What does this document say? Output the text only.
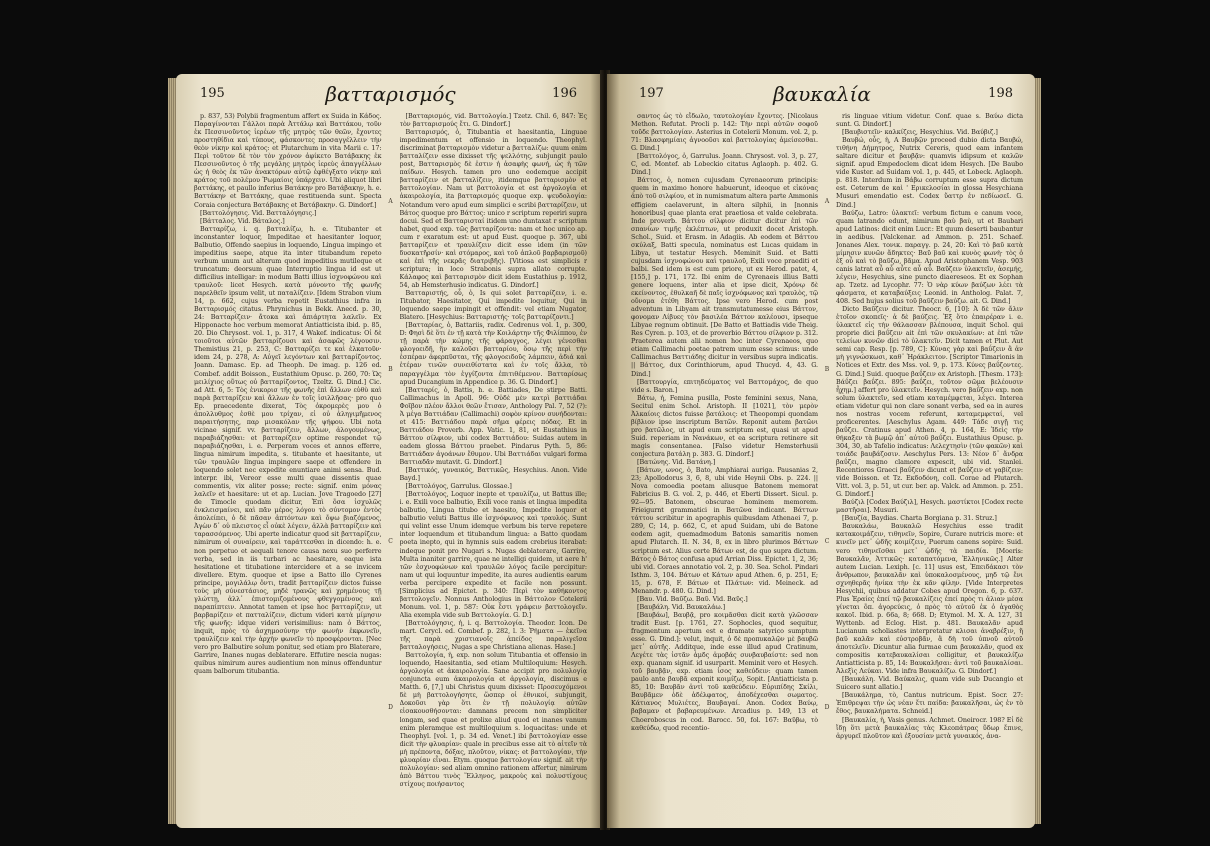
195	βατταρισμός	196

p. 837, 53) Polybii fragmentum affert ex Suida in Κάδος. Παραγίνονται Γάλλοι παρὰ Ἀττάλῳ καὶ Βαττάκου, τοῦν ἐκ Πεσσινοῦντος ἱερέων τῆς μητρὸς τῶν θεῶν, ἔχοντες προστηθίδια καὶ τύπους, φάσκοντες προσαγγέλλειν τὴν θεὸν νίκην καὶ κράτος: et Plutarchum in vita Marii c. 17: Περὶ τοῦτον δὲ τὸν τὸν χρόνον ἀφίκετο Βατάβακης ἐκ Πεσσινοῦντος ὁ τῆς μεγάλης μητρὸς ἱερεὺς ἀπαγγέλλων ὡς ἡ θεὸς ἐκ τῶν ἀνακτόρων αὐτῷ ἐφθέγξατο νίκην καὶ κράτος τοῦ πολέμου Ῥωμαίοις ὑπάρχειν. Ubi aliquot libri βαττάκης, et paullo inferius Βατάκην pro Βατάβακην, h. e. Βαττάκην et Βαττάκης, quae restituenda sunt. Specta Coraia conjectura Βατάβακης et Βατάβακην. G. Dindorf.]

[Βαττολόγησις. Vid. Βατταλόγησις.]

[Βάτταλος. Vid. Βάταλος.]

Βατταρίζω, i. q. βατταλίζω, h. e. Titubanter et inconstanter loquor, Impeditae et haesitanter loquor, Balbutio, Offendo saepius in loquendo, Lingua impingo et impeditius saepe, atque ita inter titubandum repeto verbum unum aut alterum quod impeditius mutileque et truncatum: deorsum quae Interruptio lingua id est ut difficilius intelligar: in modum Batti illius ἰσχνοφώνου καὶ τραυλοῦ: licet Hesych. κατὰ μόνοντο τῆς φωνῆς παρελθεῖν ipsum velit, ut παταλίζειν. [Idem Strabon vium 14, p. 662, cujus verba repetit Eustathius infra in Βατταρισμός citatus. Phrynichus in Bekk. Anecd. p. 30, 24: Βατταρίζειν· ἄτοκα καὶ ἀπιάρτητα λαλεῖν. Ex Hipponacte hoc verbum memorat Antiatticista ibid. p. 85, 20. Dio Chrysost. vol. 1, p. 317, 4 Wakef. indicatus: Οἱ δὲ τοιοῦτοι αὐτῶν βατταρίζουσι καὶ ἀσαφῶς λέγουσιν. Themistius 21, p. 253, C: Βατταρίζει τε καὶ ἐλκατοῦν· idem 24, p. 278, A: Αὐγεῖ λεγόντων καὶ βατταρίζοντος. Joann. Damasc. Ep. ad Theoph. De imag. p. 126 ed. Combef. addit Boisson., Eustathium Opusc. p. 260, 70: Ὡς μειλίχιος οὕτως οὐ βατταρίζοντος, Tzeltz. G. Dind.] Cic. ad Att. 6, 5: Τὸς ἐνικορισ τῆς φωνῆς ἐπὶ ἄλλων εὐθὺ καὶ παρὰ βατταρίζειν καὶ ἄλλων ἐν τοῖς ἰσιλλῆσας· pro quo Ep. praecedente dixerat, Τὸς ὀκρομερὲς μου ὁ ἀπολλυθμος ἐσθὲ μου τρίχαν, εἰ οὐ ἀληγιμῆμενος παραιτήσητης, παρ μισακόλαν τῆς ψήφου. Ubi nota vicinae signif. vv. βατταρίζειν, ἄλλων, ἀλογουμένως, παραβιάζησθαι: et βατταρίζειν optime respondet τῷ παραβιάζησθαι, i. e. Perperam voces et annos efferre, lingua nimirum impedita, s. titubante et haesitante, ut τῶν τραυλῶν lingua impingere saepe et offendere in loquendo solet nec expedite enuntiare animi sensa. Bud. interpr. ibi, Vereor esse multi quae dissentis quae commentis, vix aliter posse; recte: signif. enim μόνας λαλεῖν et haesitare: ut et ap. Lucian. Jove Tragoedo [27] de Timocle quodam dicitur, Ἐπὶ ὅσα ἰσχυλῶς ἐνκλεισμαίνει, καὶ πᾶν μέρος λόγου τὸ σύντομον ἐντὸς ἀπολείπει, ὁ δὲ πᾶσαν ἀπτόντων καὶ ὄψω βιαζόμενος, Ἀγὼν δ᾽ οὐ πλειστος εἶ οὐκὲ λέγειν, ἀλλὰ βατταρίζειν καὶ ταρασσόμενος. Ubi aperte indicatur quod sit βατταρίζειν, nimirum οἱ συναίρειν, καὶ ταράττεσθαι in dicendo: h. e. non perpetuo et aequali tenore causa nexu suo perferre verba, sed in iis turbari ac haesitare, eaque ista hesitatione et titubatione intercidere et a se invicem divellere. Etym. quoque et ipse a Batto illo Cyrenes principe, μογιλάλῳ ὄντι, tradit βατταρίζειν dictos fuisse τοὺς μὴ σύνεστάσιος, μηδὲ τρανῶς καὶ χρημένους τῇ γλώττῃ, ἀλλ᾽ ἐπιστομιζομένους φθεγγομένους καὶ παραπίπτειν. Annotat tamen et ipse hoc βατταρίζειν, ut βαρβαρίζειν et πατταλίζειν, dictum videri κατὰ μίμησιν τῆς φωνῆς: idque videri verisimilius: nam ὁ Βάττος, inquit, πρὸς τὸ ἀσχημοσύνην τὴν φωνὴν ἐκφωνεῖν, τραυλίζειν καὶ τὴν ἀρχὴν φωνεῖν τὸ προσφέρονται. [Nec vero pro Balbutire solum ponitur, sed etiam pro Blaterare, Garrire, Inanes nugas deblaterare. Effutire nescia nugas: quibus nimirum aures audientium non minus offenduntur quam balborum titubantia.

[Βατταρισμός, vid. Βαττολογία.] Tzetz. Chil. 6, 847: Ἐς τὸν βατταρισμούς ἔτι. G. Dindorf.]

Βατταρισμός, ὁ, Titubantia et haesitantia, Linguae impedimentum et offensio in loquendo. Theophyl. discriminat βατταρισμὸν videtur a βατταλίζω: quum enim βατταλίζειν esse dixisset τῆς ψελλότης, subjungit paulo post, Βατταρισμὸς δὲ ἐστιν ἡ ἀσαφὴς φωνή, ὡς ἡ τῶν παίδων. Hesych. tamen pro uno eodemque accipit βατταρίζειν et βατταλίζειν, itidemque βατταρισμὸν et βαττολογίαν. Nam ut βαττολογία et est ἀργολογία et ἀκαιρολογία, ita βατταρισμός quoque exp. ψευδολογία: Notandum vero apud eum simplici e scribi βατταρίζειν, ut Βάτος quoque pro Βάττος: unico r scriptum reperiri supra docui. Sed et Βατταρισταί itidem uno duntaxat r scriptum habet, quod exp. τῶς βατταρίζοντα: nam et hoc unico ap. cum r exaratum est: ut apud Eust. quoque p. 367, ubi βατταρίζειν et τραυλίζειν dicit esse idem (in τῶν δυσκατῆρσίν· καὶ στόμαρος, καὶ τοῦ ἁπλοῦ βαρβαρισμοῦ) καὶ ἐπὶ τῆς νεκρᾶς διατριβῆς). [Vitiosa est simplicis r scriptura; in loco Strabonis supra allato corrupte. Κάλαφος καὶ βατταρισμὸν dicit idem Eustathius p. 1912, 54, ab Hemsterhusio indicatus. G. Dindorf.]

Βατταριστής, οὗ, ὁ, Is qui solet βατταρίζειν, i. e. Titubator, Haesitator, Qui impedite loquitur, Qui in loquendo saepe impingit et offendit: vel etiam Nugator, Blatero. [Hesychius: Βατταριστής· τοῖς βατταρίζοντι.]

[Βατταρίας, ὁ, Battariis, radix. Cedrenus vol. 1, p. 300, D: Φησὶ δὲ ὅτι ἐν τῇ κατὰ τὴν Κοιλάρτην τῆς Φιλίππου, ἐν τῇ παρὰ τὴν κώμης τῆς φάραγγος, λέγει γένεσθαι φλογοειδῆ, ἣν καλοῦσι βατταρίου, ὅσῳ τῆς περὶ τὴν ἑσπέραν ἀφερπῦσται, τῆς φλογοειδοῦς λάμπειν, ἀδιά καὶ ἑτέραν τινῶν συνειθίστατα καὶ ἐν τοῖς ἄλλα, τὸ παραγγέλμα τὸν ἐγγίζοντα ἐπιτιθέμενον. Βατταρίσως apud Ducangium in Appendice p. 36. G. Dindorf.]

[Βατταρίς, ὁ, Battis, h. e. Battiades, De stirpe Batti. Callimachus in Apoll. 96: Οὐδὲ μὲν κατρὶ βαττιάδαι Φοῖβον πλέον ἄλλοι θεῶν ἔτισαν, Anthology Pal. 7, 52 (?): Ἀ μέγα Βαττιάδαν (Callimachi) σοφὸν κρίνον συνήδονται: et 415: Βαττιάδου παρὰ σῆμα φέρεις πόδας. Et in Βαττιάδου Proverb. App. Vatic. 1, 81, et Eustathius in Βάττου σίλφιον, ubi codex Βαττιάδου: Suidas autem in eadem glossa Βάττου praebet. Pindarus Pyth. 5, 86: Βαττιάδαν ἀγοάνων ἔθυμον. Ubi Βαττιάδαι vulgari forma Βαττιαδᾶν mutavit. G. Dindorf.]

[Βαττικός, γυναικός, Βαττικῶς, Hesychius. Anon. Vide Bayd.]

[Βαττολόγος, Garrulus. Glossae.]

[Βαττολόγος, Loquor inepte et τραυλίζω, ut Battus ille; i. e. Exili voce balbutio, Exili voce ranis et lingua impedita balbutio, Lingua titubo et haesito, Impedite loquor et balbutio veluti Battus ille ἰσχνόφωνος καὶ τραυλός. Sunt qui velint esse Unum idemque verbum bis terve repetere inter loquendum et titubandum lingua: a Batto quodam poeta inepto, qui in hymnis suis eadem crebrius iterabat: indeque ponit pro Nugari s. Nugas deblaterare, Garrire, Multa inaniter garrire, quae ne intelligi quidem, ut aere h' τῶν ἐσχνοφώνων καὶ τραυλῶν λόγος facile percipitur: nam ut qui loquuntur impedite, ita aures audientis earum verba percipere expedite et facile non possunt. [Simplicius ad Epictet. p. 340: Περὶ τὸν καθήκοντος βαττολογεῖν. Nonnus Anthologius in Βάττολον Cotelerii Monum. vol. 1, p. 587: Οὐκ ἔστι γράφειν βαττολογεῖν. Alia exempla vide sub Βαττολογία. G. D.]

[Βαττολόγησις, ἡ, i. q. Βαττολογία. Theodor. Icon. De mart. Cerycl. ed. Combef. p. 282, l. 3: Ῥήματα — ἐκεῖνα τῆς παρὰ χριστιανοῖς ἀπείδος παραλιγεῖσα βατταλογήσεις, Nugas a spe Christiana alienas. Hase.]

Βαττολογία, ἡ, exp. non solum Titubantia et offensio in loquendo, Haesitantia, sed etiam Multiloquium: Hesych. ἀργολογία et ἀκαιρολογία. Sane accipit pro πολυλογίᾳ conjuncta eum ἀκαιρολογία et ἀργολογία, discimus e Matth. 6, [7,] ubi Christus quum dixisset: Προσευχόμενοι δὲ μὴ βαττολογήσητε, ὥσπερ οἱ ἐθνικοί, subjungit, Δοκοῦσι γὰρ ὅτι ἐν τῇ πολυλογίᾳ αὐτῶν εἰσακουσθήσονται: damnans precem non simpliciter longam, sed quae et prolixe aliud quod et inanes vanum enim pleramque est multiloquium s. loquacitas: unde et Theophyl. [vol. 1, p. 34 ed. Venet.] ibi βαττολογίαν esse dicit τὴν φλυαρίαν: quale in precibus esse ait τὸ αἰτεῖν τὰ μὴ πρέποντα, δόξας, πλοῦτον, νίκας: et βαττολογίαν, τὴν φλυαρίαν εἶναι. Etym. quoque βαττολογίαν signif. ait τὴν πολυλογίαν: sed aliam omnino rationem affertur, nimirum ἀπὸ Βάττου τινὸς Ἕλληνος, μακροὺς καὶ πολυστίχους στίχους ποιήσαντος

A
B
C
D
197	βαυκαλία	198

σαντος ὡς τὸ εἴδωλο, ταυτολογίαν ἔχοντες. [Nicolaus Methon. Refutat. Procli p. 142: Τὴν περὶ αὐτῶν σοφοῦ τοῦδε βαττολογίαν. Asterius in Cotelerii Monum. vol. 2, p. 71: Βλασφημίαις ἀγνοοῦσι καὶ βαττολογίας ἀμείσεσθαι. G. Dind.]

[Βαττολόγος, ὁ, Garrulus. Joann. Chrysost. vol. 3, p. 27, C, ed. Montef. ab Lobeckio citatus Aglaoph. p. 402. G. Dind.]

Βάττος, ὁ, nomen cujusdam Cyrenaeorum principis: quem in maximo honore habuerunt, ideoque et εἰκόνας ἀπὸ τοῦ σιλφίου, et in numismatum altera parte Ammonis effigiem caelaverunt, in altera silphii, in [nonnis honoribus] quae planta erat praetiosa et valde celebrata. Inde proverb. Βάττου σίλφιον dicitur dicitur ἐπὶ τῶν σπανίων τιμῆς ἐκλέπτων, ut produxit docet Aristoph. Schol., Suid. et Erasm. in Adagiis. Ab eodem et Βάττου σκύλαξ, Batti specula, nominatus est Lucas quidam in Libya, ut testatur Hesych. Meminit Suid. et Batti cujusdam ἰσχνοφώνου καὶ τραυλοῦ, Exili voce praediti et balbi. Sed idem is est cum priore, ut ex Herod. patet, 4, [155,] p. 171, 172. Ibi enim de Cyrenaeis illius Batti genere loquens, inter alia et ipse dicit, Χρόνῳ δὲ εκείνοντος, ἐθυλκαῆ δὲ παῖς ἰσχνόφωνος καὶ τραυλὸς, τῷ οὔνομα ἐτέθη Βάττος. Ipse vero Herod. cum post adventum in Libyam ait transmutatumesse eius Βάττον, φονομαν Λίβυες τὸν βασιλέα Βάττον καλέουσι, ipseque Libyae regnum obtinuit. [De Batto et Battiadis vide Theig. Res Cyren. p. 103, et de proverbio Βάττου σίλφιον p. 312. Praeterea autem alii nomen hoc inter Cyrenaeos, quo etiam Callimachi poetae patrem unum esse scimus: unde Callimachus Βαττιάδης dicitur in versibus supra indicatis. || Βάττος, dux Corinthiorum, apud Thucyd. 4, 43. G. Dind.]

[Βαττουργία, επιτηδεύματος vel Βαττομάχος, de quo vide s. Baron.]

Βάτω, ἡ, Femina pusilla, Poste feminini sexus, Nana, Secitul enim Schol. Aristoph. II [1021], τὸν μερὸν Ἀλκαίοις dictos fuisse βατάλοις: et Theopompi quondam βίβλιον ipse inscriptum Βατῶν. Reponit autem βατῶνι pro βατῶλος, ut apud eum scriptum est, quasi ut apud Suid. reperiam in Νανάκων, et ea scriptura retinere sit magis consentanea. [Falso videtur Hemsterhusii conjectura βατάλη p. 383. G. Dindorf.]

[Βατώνης. Vid. Βατάνη.]

[Βάτων, ωνος, ὁ, Bato, Amphiarai auriga. Pausanias 2, 23; Apollodorus 3, 6, 8, ubi vide Heynii Obs. p. 224. || Nova comoedia poetam aliusque Batonem memorat Fabricius B. G. vol. 2, p. 446, et Eberti Dissert. Sicul. p. 92—95. Batonem, obscurae hominem memorem. Frieigurnt grammatici in Βατῶνα indicant. Βάττων τάττου scribitur in apographis quibusdam Athenaei 7, p. 289, C; 14, p. 662, C, et apud Suidam, ubi de Batone eodem agit, quemadmodum Batonis samaritis nomen apud Plutarch. II. N. 34, 8, ex in libro plurimos Βάττων scriptum est. Alius certe Βάτων est, de quo supra dictum. Βάτος ὁ Βάτος confusa apud Arrian Diss. Epictet. 1, 2, 36; ubi vid. Coraes annotatio vol. 2, p. 30. Sea. Schol. Pindari Isthm. 3, 104. Βάτων et Κάτων apud Athen. 6, p. 251, E; 15, p. 678, F. Βάτων et Πλάτων: vid. Meineck. ad Menandr. p. 480. G. Dind.]

[Βαυ. Vid. Βαῦζω. Βαῦ. Vid. Βαῦς.]

[Βαυβάλη. Vid. Βαυκαλάω.]

[Βαυβάω], Βαυβᾷ, pro κοιμᾶσθαι dicit κατὰ γλῶσσαν tradit Eust. [p. 1761, 27. Sophocles, quod sequitur, fragmentum apertum est e dramate satyrico sumptum esse. G. Dind.]: velut, inquit, ὁ δὲ προπυκαλῷν μὲ βαυβῶ μετ᾽ αὐτῆς. Additque, inde esse illud apud Cratinum, Λεγέτε τὰς ἱστᾶν ἀμδς ἁμοβάς συνβαυβαίστε: sed non exp. quanam signif. id usurparit. Meminit vero et Hesych. τοῦ βαυβᾷν, exp. etiam ἰσος καθεύδειν: quam tamen paulo ante βαυβᾶ exponit κοιμίζω, Sopit. [Antiatticista p. 85, 10: Βαυβᾶν ἀντὶ τοῦ καθεύδειν. Εὐριπίδης Σκίλι, Βαυβᾶμεν ὁδὲ ἀδέλφατος, ἀποδέχεσθαι σωματος. Κάτιανος Μυλιέτες, Βαυβαγαί. Anon. Codex Βαύῳ, βαβαμαν et βαβαρευμένων. Arcadius p. 149, 13 et Choeroboscus in cod. Barocc. 50, fol. 167: Βαῦβω, τὸ καθεύδω, quod recentio-

ris linguae vitium videtur. Conf. quae s. Βαύω dicta sunt. G. Dindorf.]

[Βαυβιστεῖν· καλκίζεις, Hesychius. Vid. Βαύβιζ.]

Βαυβώ, οὗς, ἡ, A Βαυβῷν proceed dubio dicta Βαυβώ, τιθήνη Δήμητρος, Nutrix Cereris, quod eam infantem saltare dicitur et βαυβᾷν: quamvis idipsum et καλῶν signif. apud Empedoclem dicat idem Hesych. [De Baubo vide Kuster. ad Suidam vol. 1, p. 445, et Lobeck. Aglaoph. p. 818. Interdum in Βάβω corruptum esse supra dictum est. Ceterum de καὶ ' Ερικελοσίαι in glossa Hesychiana Musuri emendatio est. Codex ὕαττρ ἐν πεδίωσεῖ. G. Dind.]

Βαύζω, Latro: ὑλακτεῖ: verbum fictum e canum voce, quam latrando edunt, nimirum βαὺ βαὺ, ut et Baubari apud Latinos: dicit enim Lucr.: Et quum deserti baubantur in aedibus. [Valckenar. ad Ammon. p. 251. Schaef. Jonanes Alex. τονικ. παραγγ. p. 24, 20: Καὶ τὸ βαῦ κατὰ μίμησιν κυνῶν ἄδηκτες· Βαῦ βαῦ καὶ κυνὸς φωνὴ· τὸς ὁ ἐξ οὗ καὶ τὸ βαῦζω, βᾶμα. Apud Aristophanem Vesp. 903 canis latrat αὖ αὖ αὖτε αὖ αὖ. Βαῦζειν ὑλακτεῖν, ἀσεμής, λέγειν, Hesychius, sine puncto diaereseos. Et ex Sophan ap. Tzetz. ad Lycophr. 77: Ὁ νὰρ κύων βαύζων λέει τὰ φάσματα, et καταβαύξεις Leonid. in Antholog. Palat. 7, 408. Sed hujus solius τοῦ βαῦζειν βαύζω. ait. G. Dind.]

Dicto Βαῦζειν dicitur. Theocr. 6, [10]: Ἁ δὲ τῶν ἄλιν ἐτοῖον σκοπεῖς· ἁ δὲ βαύζεις. Ἐξ ὅτο ἐπαιρέραν i. e. ὑλακτεῖ εἰς τὴν θάλασσαν βλέπουσα, inquit Schol. qui proprie dici βαΰζειν ait ἐπὶ τῶν σκυλακίων: at ἐπὶ τῶν τελείων κυνῶν dici τὸ ὑλακτεῖν. Dicit tamen et Plut. Aut semi cap. Resp. [p. 789, C]: Κύνας γὰρ καὶ βαΰζειν ἃ ἀν μὴ γιγνώσκωσι, καθ᾽ Ἡράκλειτον. [Scriptor Timarionis in Notices et Extr. des Mss. vol. 9, p. 173. Κύνες βαΰζοντες. G. Dind.] Suid. quoque βαΰζειν ex Aristoph. [Thesm. 173]: Βάΰζει βαΰζει. 895: βαΰζει, τοῦτον σῶμα βελέουσιν ἦχημ.] affert pro ὑλακτεῖν. Hesych. vero βαΰζειν exp. non solum ὑλακτεῖν, sed etiam καταμέμφεται, λέγει. Interea etiam videtur qui non clare sonant verba, sed ea in aures nos nostras vocem referunt, καταμεμφεταί, vel proficerentes. [Aeschylus Agam. 449: Τάδε σιγῇ τις βαΰζει. Cratinus apud Athen. 4, p. 164, E: Ἰδεὶς τὴν θήκαξεν τὰ βωμῷ ἀπ᾽ αὐτοῦ βαΰζει. Eustathius Opusc. p. 304, 30, ab Tafelio indicatus: Λελεχτησὶν (τῶν φακῶν) καὶ τοιάδε βαυβάζοσιν. Aeschylus Pers. 13: Νέον δ᾽ ἄνδρα βαΰζει, magno clamore expescit, ubi vid. Stanlei. Recentiores Graeci βαΰζειν dicunt et βαΰζειν et γαβίζειν: vide Boisson. et Tz. Εκδοδόνη, coll. Corae ad Plutarch. Vitt. vol. 3, p. 51, ut cur. ber. ap. Valck. ad Ammon. p. 251. G. Dindorf.]

Βαύζιλ [Codex Βαύζιλ], Hesych. μαστίκτοι [Codex recte μαστῆσαι]. Musuri.

[Βαυζία, Baydias. Charta Borgiana p. 31. Struz.]

Βαυκαλάω, Βαυκαλῶ Hesychius esse tradit κατακοιμάζειν, τιθηνεῖν, Sopire, Curare nutricis more: et κινεῖν μετ᾽ ᾠδῆς κοιμίζειν, Puerum canens sopire: Suid. vero τιθηνεῖσθαι μετ᾽ ᾠδῆς τὰ παιδία. [Moeris: Βαυκαλᾶν, Ἀττικῶς· καταπατόμενα, Ἑλληνικῶς.] Alter autem Lucian. Lexiph. [c. 11] usus est, Ἐπειδάκασι τὸν ἄνθρωπον, βαυκαλᾶν καὶ ὑποκαλοσμένους, μηδ τῷ ἔνι σχνηθερᾶς ἡνίκα τὴν ἐκ κᾶν φίλην. [Vide Interpretes Hesychii, quibus addatur Cobes apud Oregon. 6, p. 637. Plus Ἐραίες ἐπεί τῷ βαυκαλίζεις ἐπεί πρὸς τι ἀλιαν μέσα γίνεται ὅπ. ἀγορεύεις, ὁ πρὸς τὸ αὐτοῦ ἐκ ὁ ἀγαθὸς κακοῖ. Ibid. p. 66a, 8; 668. D; Etymol. M. X. A. 127, 31 Wyttenb. ad Eclog. Hist. p. 481. Βαυκαλᾶν apud Lucianum scholiastes interpretatur κλισαι ἀναβρέξιν, ἢ βαῦ καλᾶν καὶ εὐστροβᾶν, ἃ δὴ τοῦ ὑπνοῦ αὐτοῦ ἀποτελεῖν. Dicuntur alia furmae cum βαυκαλᾶν, quod ex compositis κατεβαυκαλίσαι colligitur, et βαυκαλίζω Antiatticista p. 85, 14: Βαυκαλῆσαι: ἀντὶ τοῦ βαυκαλίσαι. Ἀλεξὶς Λεύκαι. Vide infra Βαυκαλίζω. G. Dindorf.]

[Βαυκάλη. Vid. Βαύκαλις, quam vide sub Ducangio et Suicero sunt allatio.]

[Βαυκάλημα, τὸ, Cantus nutricum. Epist. Socr. 27: Ἐπιθρεψαι τὴν ὡς νέαν ἔτι παίδα: βαυκαλῆσαι, ὡς ἐν τὸ ἔθος, βαυκαλήματα. Schneid.]

[Βαυκαλία, ἡ, Vasis genus. Achmet. Oneirocr. 198? Εἰ δὲ ἴδῃ ὅτι μετὰ βαυκαλίας τὰς Κλεοπάτρας ὕδωρ ἔπινε, ἀργυρεῖ πλοῦτον καὶ ἐξουσίαν μετὰ γυναικός, ἀνα-

A
B
C
D
